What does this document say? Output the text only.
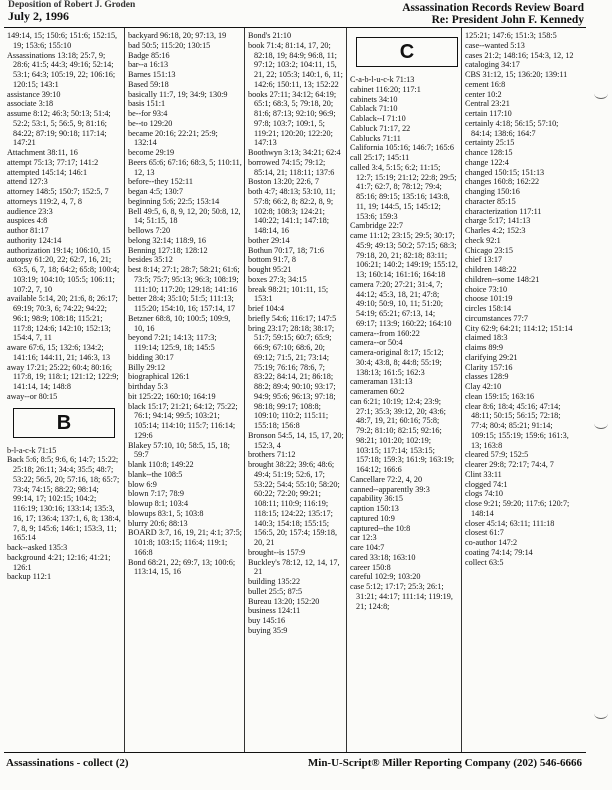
Deposition of Robert J. Groden
July 2, 1996
Assassination Records Review Board
Re: President John F. Kennedy

149:14, 15; 150:6; 151:6; 152:15, 19; 153:6; 155:10

Assassinations 13:18; 25:7, 9; 28:6; 41:5; 44:3; 49:16; 52:14; 53:1; 64:3; 105:19, 22; 106:16; 120:15; 143:1

assistance 39:10

associate 3:18

assume 8:12; 46:3; 50:13; 51:4; 52:2; 53:1, 5; 56:5, 9; 81:16; 84:22; 87:19; 90:18; 117:14; 147:21

Attachment 38:11, 16

attempt 75:13; 77:17; 141:2

attempted 145:14; 146:1

attend 127:3

attorney 148:5; 150:7; 152:5, 7

attorneys 119:2, 4, 7, 8

audience 23:3

auspices 4:8

author 81:17

authority 124:14

authorization 19:14; 106:10, 15

autopsy 61:20, 22; 62:7, 16, 21; 63:5, 6, 7, 18; 64:2; 65:8; 100:4; 103:19; 104:10; 105:5; 106:11; 107:2, 7, 10

available 5:14, 20; 21:6, 8; 26:17; 69:19; 70:3, 6; 74:22; 94:22; 96:1; 98:9; 108:18; 115:21; 117:8; 124:6; 142:10; 152:13; 154:4, 7, 11

aware 67:6, 15; 132:6; 134:2; 141:16; 144:11, 21; 146:3, 13

away 17:21; 25:22; 60:4; 80:16; 117:8, 19; 118:1; 121:12; 122:9; 141:14, 14; 148:8

away--or 80:15

B

b-l-a-c-k 71:15

Back 5:6; 8:5; 9:6, 6; 14:7; 15:22; 25:18; 26:11; 34:4; 35:5; 48:7; 53:22; 56:5, 20; 57:16, 18; 65:7; 73:4; 74:15; 88:22; 98:14; 99:14, 17; 102:15; 104:2; 116:19; 130:16; 133:14; 135:3, 16, 17; 136:4; 137:1, 6, 8; 138:4, 7, 8, 9; 145:6; 146:1; 153:3, 11; 165:14

back--asked 135:3

background 4:21; 12:16; 41:21; 126:1

backup 112:1

backyard 96:18, 20; 97:13, 19

bad 50:5; 115:20; 130:15

Badge 85:16

bar--a 16:13

Barnes 151:13

Based 59:18

basically 11:7, 19; 34:9; 130:9

basis 151:1

be--for 93:4

be--to 129:20

became 20:16; 22:21; 25:9; 132:14

become 29:19

Beers 65:6; 67:16; 68:3, 5; 110:11, 12, 13

before--they 152:11

began 4:5; 130:7

beginning 5:6; 22:5; 153:14

Bell 49:5, 6, 8, 9, 12, 20; 50:8, 12, 14; 51:15, 18

bellows 7:20

belong 32:14; 118:9, 16

Benning 127:18; 128:12

besides 35:12

best 8:14; 27:1; 28:7; 58:21; 61:6; 73:5; 75:7; 95:13; 96:3; 108:19; 111:10; 117:20; 129:18; 141:16

better 28:4; 35:10; 51:5; 111:13; 115:20; 154:10, 16; 157:14, 17

Betzner 68:8, 10; 100:5; 109:9, 10, 16

beyond 7:21; 14:13; 117:3; 119:14; 125:9, 18; 145:5

bidding 30:17

Billy 29:12

biographical 126:1

birthday 5:3

bit 125:22; 160:10; 164:19

black 15:17; 21:21; 64:12; 75:22; 76:1; 94:14; 99:5; 103:21; 105:14; 114:10; 115:7; 116:14; 129:6

Blakey 57:10, 10; 58:5, 15, 18; 59:7

blank 110:8; 149:22

blank--the 108:5

blow 6:9

blown 7:17; 78:9

blowup 8:1; 103:4

blowups 83:1, 5; 103:8

blurry 20:6; 88:13

BOARD 3:7, 16, 19, 21; 4:1; 37:5; 101:8; 103:15; 116:4; 119:1; 166:8

Bond 68:21, 22; 69:7, 13; 100:6; 113:14, 15, 16

Bond's 21:10

book 71:4; 81:14, 17, 20; 82:18, 19; 84:9; 96:8, 11; 97:12; 103:2; 104:11, 15, 21, 22; 105:3; 140:1, 6, 11; 142:6; 150:11, 13; 152:22

books 27:11; 34:12; 64:19; 65:1; 68:3, 5; 79:18, 20; 81:6; 87:13; 92:10; 96:9; 97:8; 103:7; 109:1, 5; 119:21; 120:20; 122:20; 147:13

Boothwyn 3:13; 34:21; 62:4

borrowed 74:15; 79:12; 85:14, 21; 118:11; 137:6

Boston 13:20; 22:6, 7

both 4:7; 48:13; 53:10, 11; 57:8; 66:2, 8; 82:2, 8, 9; 102:8; 108:3; 124:21; 140:22; 141:1; 147:18; 148:14, 16

bother 29:14

Bothun 70:17, 18; 71:6

bottom 91:7, 8

bought 95:21

boxes 27:3; 34:15

break 98:21; 101:11, 15; 153:1

brief 104:4

briefly 54:6; 116:17; 147:5

bring 23:17; 28:18; 38:17; 51:7; 59:15; 60:7; 65:9; 66:9; 67:10; 68:6, 20; 69:12; 71:5, 21; 73:14; 75:19; 76:16; 78:6, 7; 83:22; 84:14, 21; 86:18; 88:2; 89:4; 90:10; 93:17; 94:9; 95:6; 96:13; 97:18; 98:18; 99:17; 108:8; 109:10; 110:2; 115:11; 155:18; 156:8

Bronson 54:5, 14, 15, 17, 20; 152:3, 4

brothers 71:12

brought 38:22; 39:6; 48:6; 49:4; 51:19; 52:6, 17; 53:22; 54:4; 55:10; 58:20; 60:22; 72:20; 99:21; 108:11; 110:9; 116:19; 118:15; 124:22; 135:17; 140:3; 154:18; 155:15; 156:5, 20; 157:4; 159:18, 20, 21

brought--is 157:9

Buckley's 78:12, 12, 14, 17, 21

building 135:22

bullet 25:5; 87:5

Bureau 13:20; 152:20

business 124:11

buy 145:16

buying 35:9

C

C-a-b-l-u-c-k 71:13

cabinet 116:20; 117:1

cabinets 34:10

Cablack 71:10

Cablack--I 71:10

Cabluck 71:17, 22

Cablucks 71:11

California 105:16; 146:7; 165:6

call 25:17; 145:11

called 3:4, 5:15; 6:2; 11:15; 12:7; 15:19; 21:12; 22:8; 29:5; 41:7; 62:7, 8; 78:12; 79:4; 85:16; 89:15; 135:16; 143:8, 11, 19; 144:5, 15; 145:12; 153:6; 159:3

Cambridge 22:7

came 11:12; 23:15; 29:5; 30:17; 45:9; 49:13; 50:2; 57:15; 68:3; 79:18, 20, 21; 82:18; 83:11; 106:21; 140:2; 149:19; 155:12, 13; 160:14; 161:16; 164:18

camera 7:20; 27:21; 31:4, 7; 44:12; 45:3, 18, 21; 47:8; 49:10; 50:9, 10, 11; 51:20; 54:19; 65:21; 67:13, 14; 69:17; 113:9; 160:22; 164:10

camera--from 160:22

camera--or 50:4

camera-original 8:17; 15:12; 30:4; 43:8, 8; 44:8; 55:19; 138:13; 161:5; 162:3

cameraman 131:13

cameramen 60:2

can 6:21; 10:19; 12:4; 23:9; 27:1; 35:3; 39:12, 20; 43:6; 48:7, 19, 21; 60:16; 75:8; 79:2; 81:10; 82:15; 92:16; 98:21; 101:20; 102:19; 103:15; 117:14; 153:15; 157:18; 159:3; 161:9; 163:19; 164:12; 166:6

Cancellare 72:2, 4, 20

canned--apparently 39:3

capability 36:15

caption 150:13

captured 10:9

captured--the 10:8

car 12:3

care 104:7

cared 33:18; 163:10

career 150:8

careful 102:9; 103:20

case 5:12; 17:17; 25:3; 26:1; 31:21; 44:17; 111:14; 119:19, 21; 124:8;

125:21; 147:6; 151:3; 158:5

case--wanted 5:13

cases 21:2; 148:16; 154:3, 12, 12

cataloging 34:17

CBS 31:12, 15; 136:20; 139:11

cement 16:8

center 10:2

Central 23:21

certain 117:10

certainly 4:18; 56:15; 57:10; 84:14; 138:6; 164:7

certainty 25:15

chance 128:15

change 122:4

changed 150:15; 151:13

changes 160:8; 162:22

changing 150:16

character 85:15

characterization 117:11

charge 5:17; 141:13

Charles 4:2; 152:3

check 92:1

Chicago 23:15

chief 13:17

children 148:22

children--some 148:21

choice 73:10

choose 101:19

circles 158:14

circumstances 77:7

City 62:9; 64:21; 114:12; 151:14

claimed 18:3

claims 89:9

clarifying 29:21

Clarity 157:16

classes 128:9

Clay 42:10

clean 159:15; 163:16

clear 8:6; 18:4; 45:16; 47:14; 48:11; 50:15; 56:15; 72:18; 77:4; 80:4; 85:21; 91:14; 109:15; 155:19; 159:6; 161:3, 13; 163:8

cleared 57:9; 152:5

clearer 29:8; 72:17; 74:4, 7

Clint 33:11

clogged 74:1

clogs 74:10

close 9:21; 59:20; 117:6; 120:7; 148:14

closer 45:14; 63:11; 111:18

closest 61:7

co-author 147:2

coating 74:14; 79:14

collect 63:5

Assassinations - collect (2)	Min-U-Script® Miller Reporting Company (202) 546-6666
